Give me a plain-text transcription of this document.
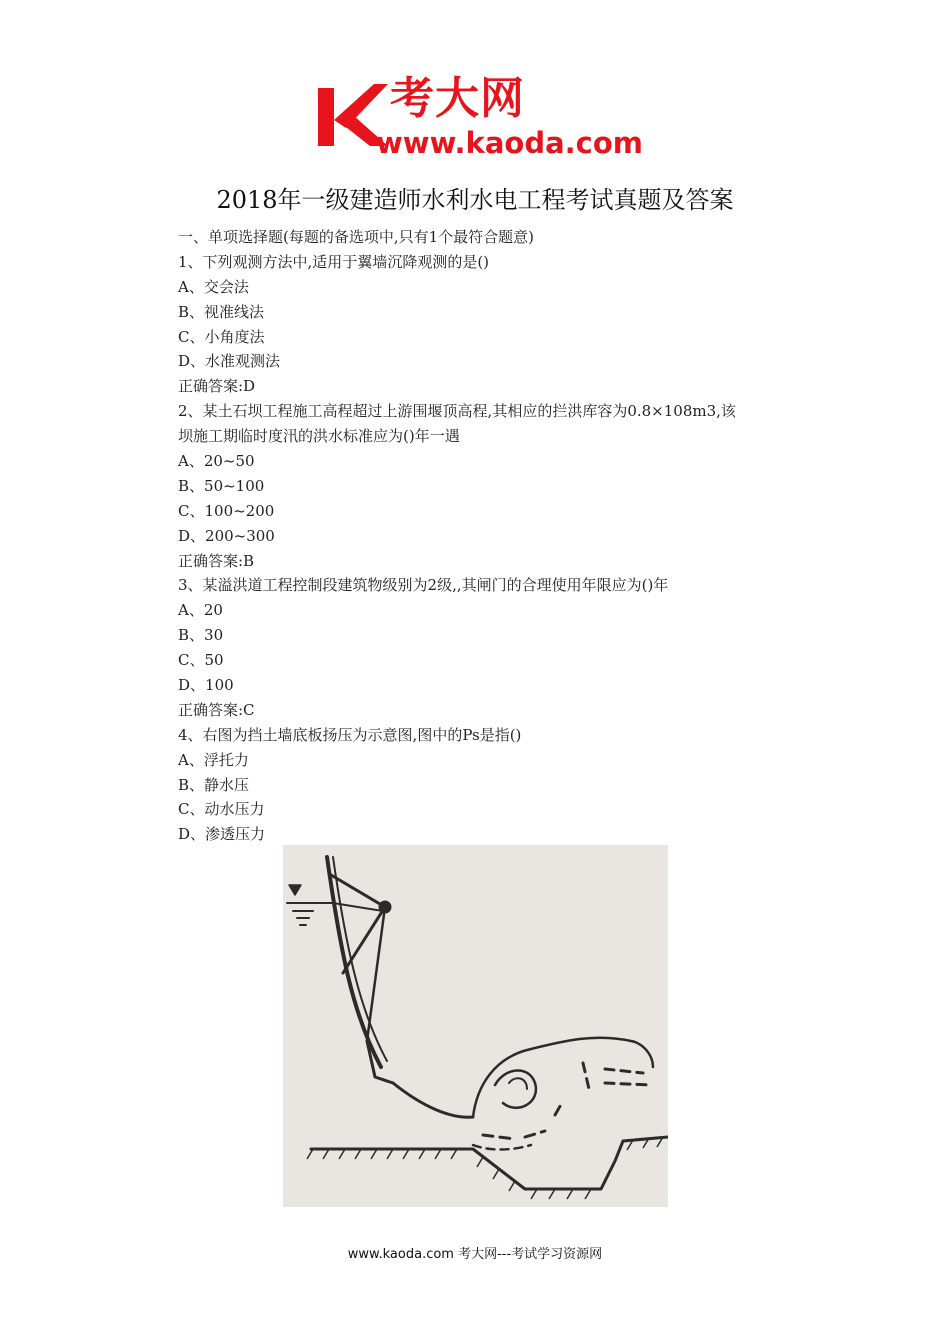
考大网
www.kaoda.com
2018年一级建造师水利水电工程考试真题及答案
一、单项选择题(每题的备选项中,只有1个最符合题意)
1、下列观测方法中,适用于翼墙沉降观测的是()
A、交会法
B、视准线法
C、小角度法
D、水准观测法
正确答案:D
2、某土石坝工程施工高程超过上游围堰顶高程,其相应的拦洪库容为0.8×108m3,该
坝施工期临时度汛的洪水标准应为()年一遇
A、20~50
B、50~100
C、100~200
D、200~300
正确答案:B
3、某溢洪道工程控制段建筑物级别为2级,,其闸门的合理使用年限应为()年
A、20
B、30
C、50
D、100
正确答案:C
4、右图为挡土墙底板扬压为示意图,图中的Ps是指()
A、浮托力
B、静水压
C、动水压力
D、渗透压力
www.kaoda.com 考大网---考试学习资源网
